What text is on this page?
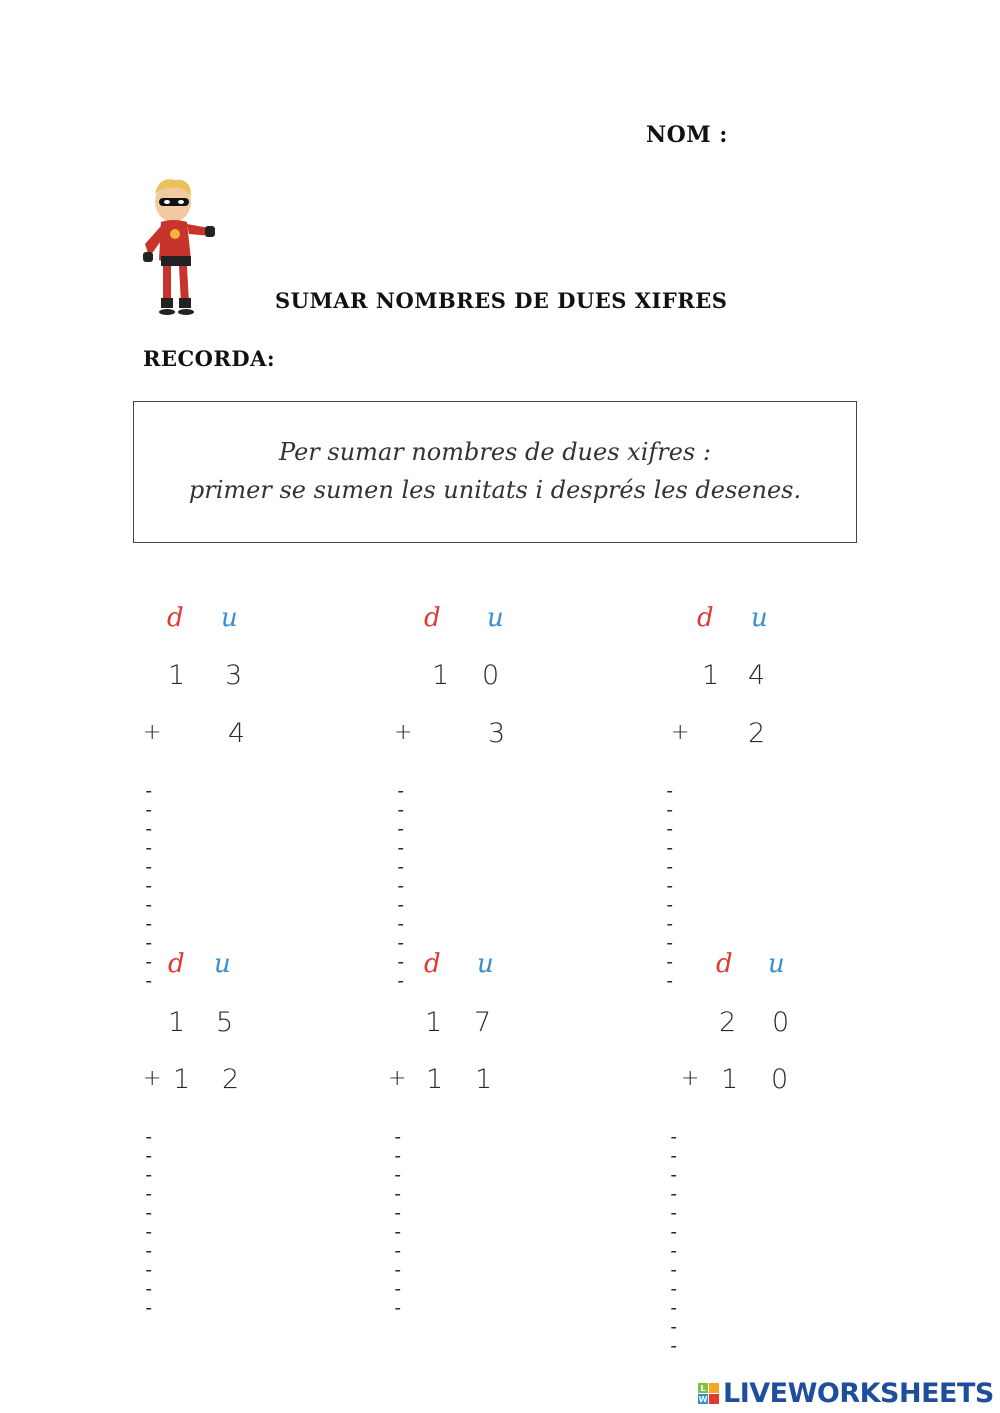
NOM :
SUMAR NOMBRES DE DUES XIFRES
RECORDA:
Per sumar nombres de dues xifres :
primer se sumen les unitats i després les desenes.
d u
1 3
+ 4
-----------
d u
1 0
+	3
-----------
d u
1 4
+ 2
-----------
d u
1 5
+ 1 2
----------
d u
1 7
+ 1 1
----------
d u
2 0
+ 1 0
------------
L
W LIVEWORKSHEETS
